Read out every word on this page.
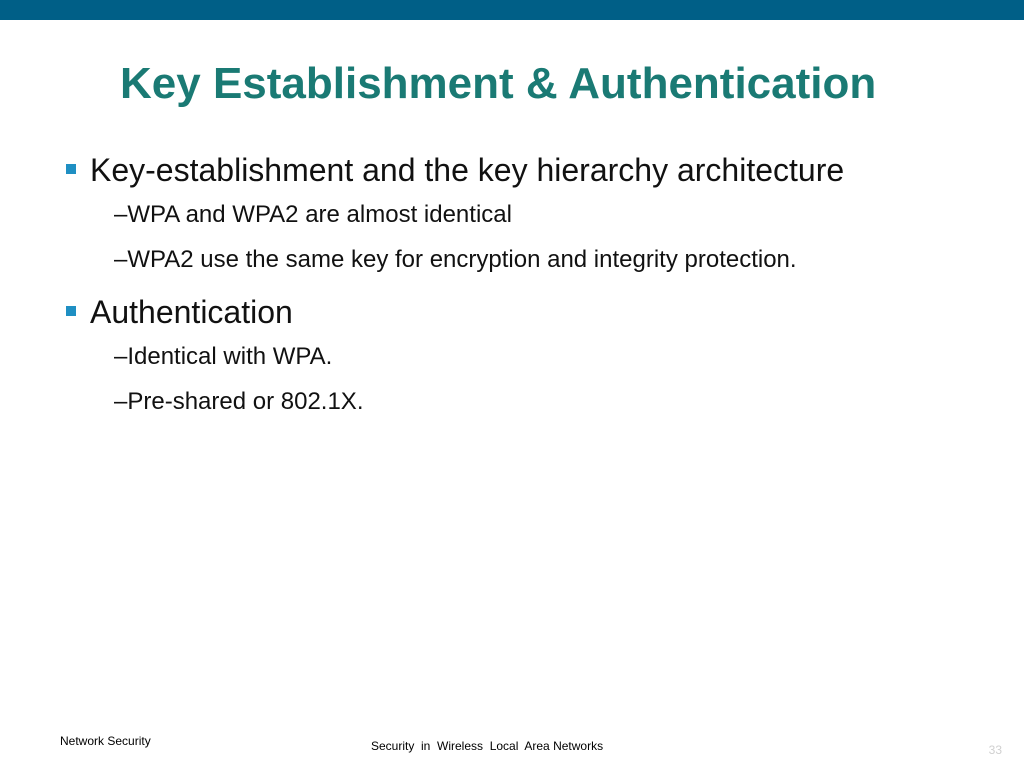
Key Establishment & Authentication
Key-establishment and the key hierarchy architecture
–WPA and WPA2 are almost identical
–WPA2 use the same key for encryption and integrity protection.
Authentication
–Identical with WPA.
–Pre-shared or 802.1X.
Network Security	Security  in  Wireless  Local  Area Networks	33
